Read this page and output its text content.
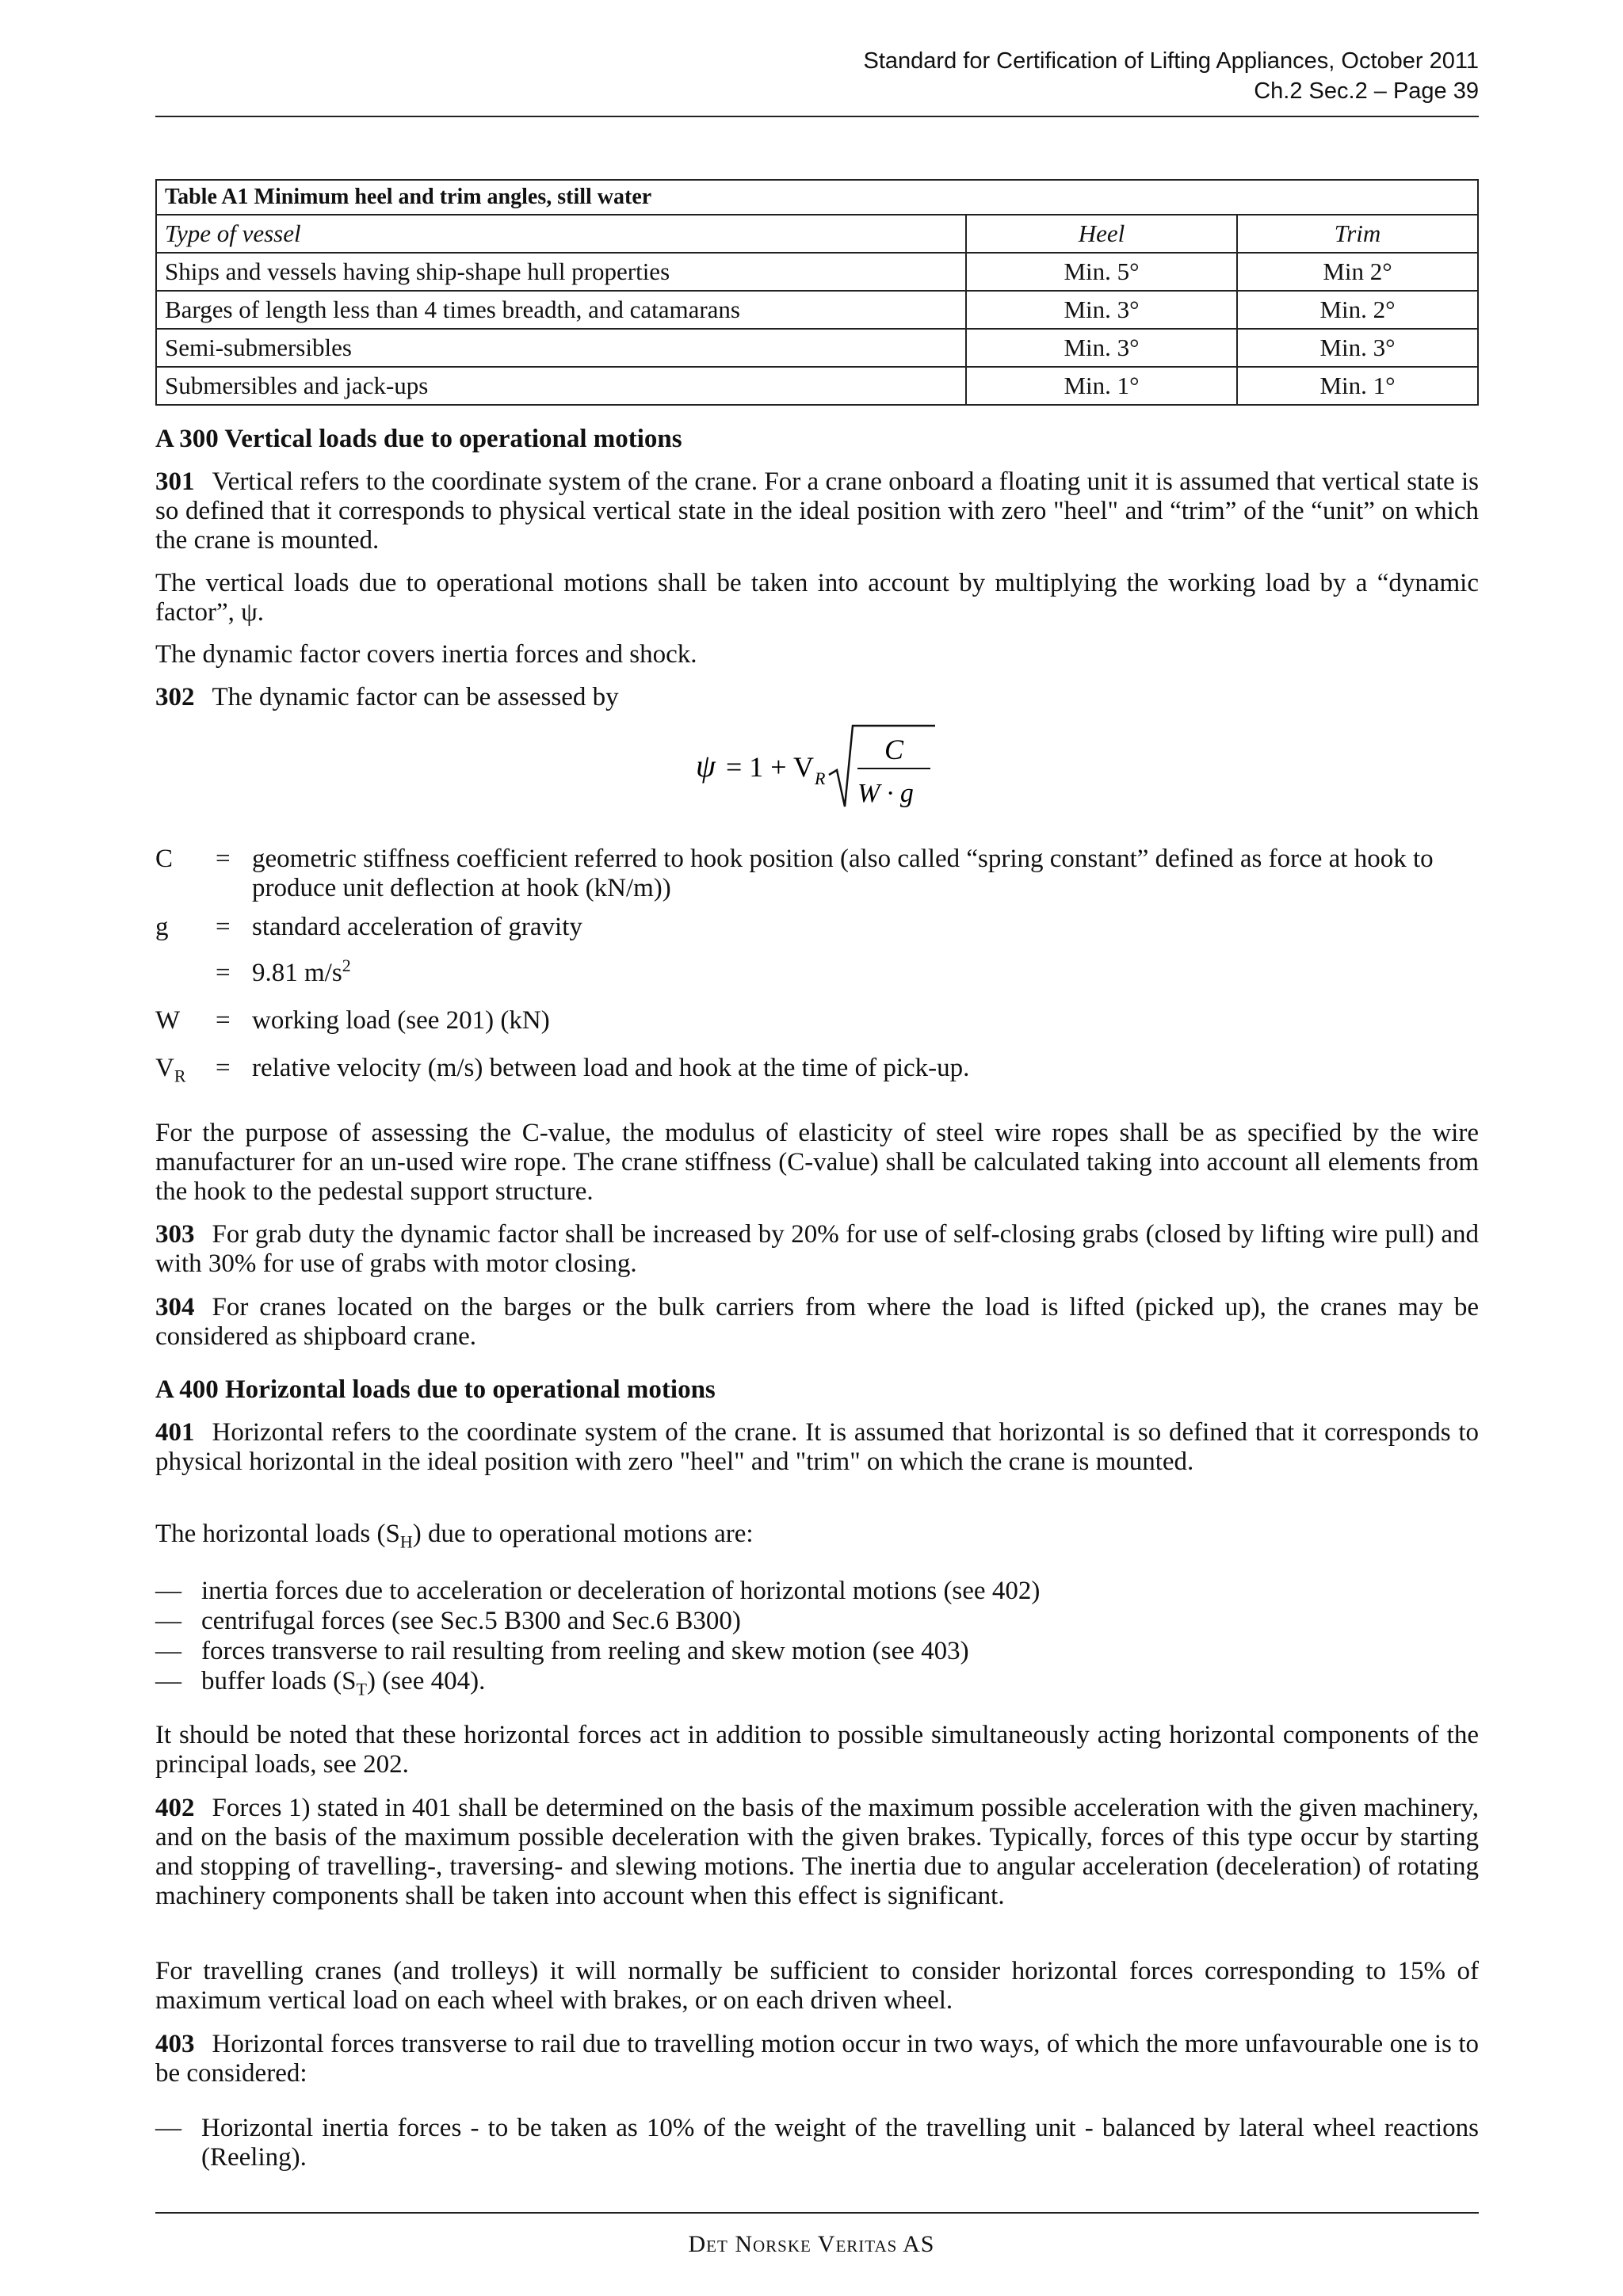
Standard for Certification of Lifting Appliances, October 2011
Ch.2 Sec.2 – Page 39
Table A1 Minimum heel and trim angles, still water		
Type of vessel	Heel	Trim
Ships and vessels having ship-shape hull properties	Min. 5°	Min 2°
Barges of length less than 4 times breadth, and catamarans	Min. 3°	Min. 2°
Semi-submersibles	Min. 3°	Min. 3°
Submersibles and jack-ups	Min. 1°	Min. 1°
A 300 Vertical loads due to operational motions
301 Vertical refers to the coordinate system of the crane. For a crane onboard a floating unit it is assumed that vertical state is so defined that it corresponds to physical vertical state in the ideal position with zero "heel" and “trim” of the “unit” on which the crane is mounted.
The vertical loads due to operational motions shall be taken into account by multiplying the working load by a “dynamic factor”, ψ.
The dynamic factor covers inertia forces and shock.
302 The dynamic factor can be assessed by
ψ = 1 + V R
C
W · g
C = geometric stiffness coefficient referred to hook position (also called “spring constant” defined as force at hook to produce unit deflection at hook (kN/m))
g = standard acceleration of gravity
= 9.81 $m/s^2$
W = working load (see 201) (kN)
$V_R$ = relative velocity (m/s) between load and hook at the time of pick-up.
For the purpose of assessing the C-value, the modulus of elasticity of steel wire ropes shall be as specified by the wire manufacturer for an un-used wire rope. The crane stiffness (C-value) shall be calculated taking into account all elements from the hook to the pedestal support structure.
303 For grab duty the dynamic factor shall be increased by 20% for use of self-closing grabs (closed by lifting wire pull) and with 30% for use of grabs with motor closing.
304 For cranes located on the barges or the bulk carriers from where the load is lifted (picked up), the cranes may be considered as shipboard crane.
A 400 Horizontal loads due to operational motions
401 Horizontal refers to the coordinate system of the crane. It is assumed that horizontal is so defined that it corresponds to physical horizontal in the ideal position with zero "heel" and "trim" on which the crane is mounted.
The horizontal loads $(S_H)$ due to operational motions are:
— inertia forces due to acceleration or deceleration of horizontal motions (see 402)
— centrifugal forces (see Sec.5 B300 and Sec.6 B300)
— forces transverse to rail resulting from reeling and skew motion (see 403)
— buffer loads $(S_T)$ (see 404).
It should be noted that these horizontal forces act in addition to possible simultaneously acting horizontal components of the principal loads, see 202.
402 Forces 1) stated in 401 shall be determined on the basis of the maximum possible acceleration with the given machinery, and on the basis of the maximum possible deceleration with the given brakes. Typically, forces of this type occur by starting and stopping of travelling-, traversing- and slewing motions. The inertia due to angular acceleration (deceleration) of rotating machinery components shall be taken into account when this effect is significant.
For travelling cranes (and trolleys) it will normally be sufficient to consider horizontal forces corresponding to 15% of maximum vertical load on each wheel with brakes, or on each driven wheel.
403 Horizontal forces transverse to rail due to travelling motion occur in two ways, of which the more unfavourable one is to be considered:
— Horizontal inertia forces - to be taken as 10% of the weight of the travelling unit - balanced by lateral wheel reactions (Reeling).
Det Norske Veritas AS
